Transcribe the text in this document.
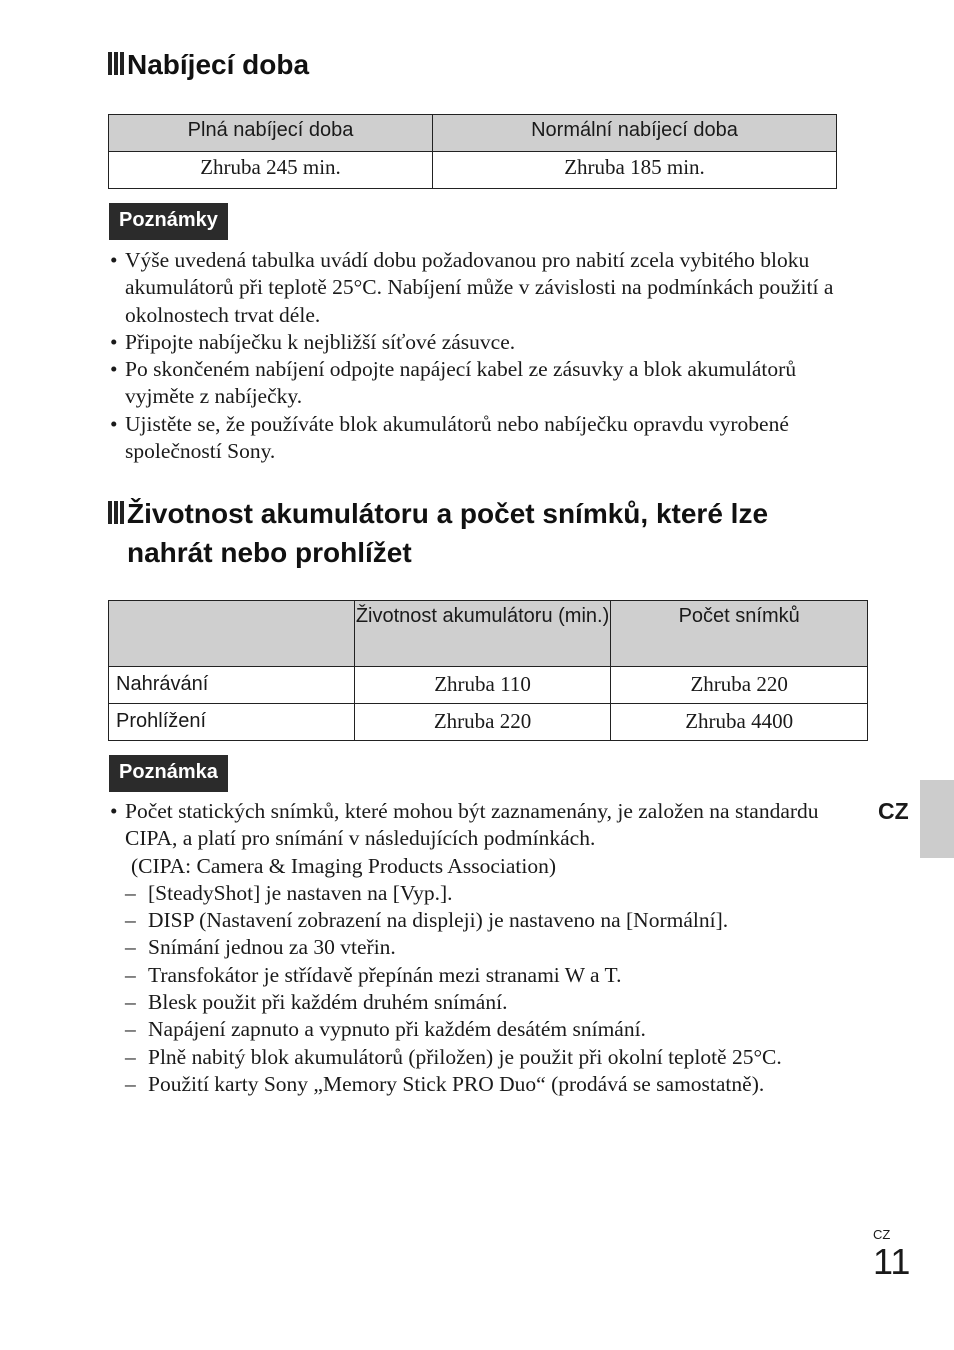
Nabíjecí doba
Plná nabíjecí doba	Normální nabíjecí doba
Zhruba 245 min.	Zhruba 185 min.
Poznámky
• Výše uvedená tabulka uvádí dobu požadovanou pro nabití zcela vybitého bloku akumulátorů při teplotě 25°C. Nabíjení může v závislosti na podmínkách použití a okolnostech trvat déle.
• Připojte nabíječku k nejbližší síťové zásuvce.
• Po skončeném nabíjení odpojte napájecí kabel ze zásuvky a blok akumulátorů vyjměte z nabíječky.
• Ujistěte se, že používáte blok akumulátorů nebo nabíječku opravdu vyrobené společností Sony.
Životnost akumulátoru a počet snímků, které lze nahrát nebo prohlížet
	Životnost akumulátoru (min.)	Počet snímků
Nahrávání	Zhruba 110	Zhruba 220
Prohlížení	Zhruba 220	Zhruba 4400
Poznámka
• Počet statických snímků, které mohou být zaznamenány, je založen na standardu CIPA, a platí pro snímání v následujících podmínkách.
(CIPA: Camera & Imaging Products Association)
– [SteadyShot] je nastaven na [Vyp.].
– DISP (Nastavení zobrazení na displeji) je nastaveno na [Normální].
– Snímání jednou za 30 vteřin.
– Transfokátor je střídavě přepínán mezi stranami W a T.
– Blesk použit při každém druhém snímání.
– Napájení zapnuto a vypnuto při každém desátém snímání.
– Plně nabitý blok akumulátorů (přiložen) je použit při okolní teplotě 25°C.
– Použití karty Sony „Memory Stick PRO Duo“ (prodává se samostatně).
CZ
CZ
11
